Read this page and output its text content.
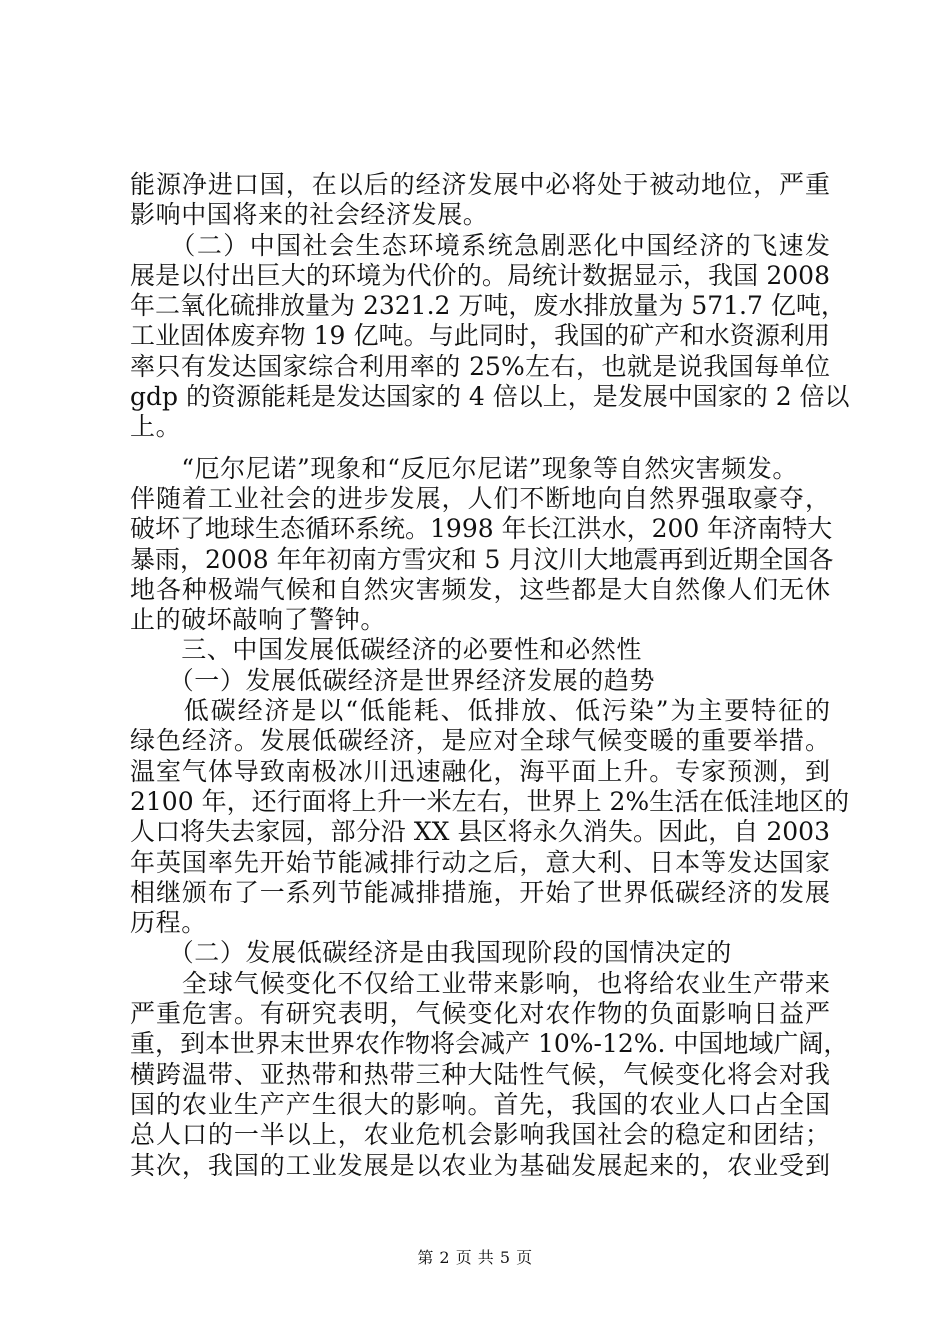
能源净进口国，在以后的经济发展中必将处于被动地位，严重
影响中国将来的社会经济发展。
　　（二）中国社会生态环境系统急剧恶化中国经济的飞速发
展是以付出巨大的环境为代价的。局统计数据显示，我国 2008
年二氧化硫排放量为 2321.2 万吨，废水排放量为 571.7 亿吨，
工业固体废弃物 19 亿吨。与此同时，我国的矿产和水资源利用
率只有发达国家综合利用率的 25%左右，也就是说我国每单位
gdp 的资源能耗是发达国家的 4 倍以上，是发展中国家的 2 倍以
上。
　　“厄尔尼诺”现象和“反厄尔尼诺”现象等自然灾害频发。
伴随着工业社会的进步发展，人们不断地向自然界强取豪夺，
破坏了地球生态循环系统。1998 年长江洪水，200 年济南特大
暴雨，2008 年年初南方雪灾和 5 月汶川大地震再到近期全国各
地各种极端气候和自然灾害频发，这些都是大自然像人们无休
止的破坏敲响了警钟。
　　三、中国发展低碳经济的必要性和必然性
　　（一）发展低碳经济是世界经济发展的趋势
　　低碳经济是以“低能耗、低排放、低污染”为主要特征的
绿色经济。发展低碳经济，是应对全球气候变暖的重要举措。
温室气体导致南极冰川迅速融化，海平面上升。专家预测，到
2100 年，还行面将上升一米左右，世界上 2%生活在低洼地区的
人口将失去家园，部分沿 XX 县区将永久消失。因此，自 2003
年英国率先开始节能减排行动之后，意大利、日本等发达国家
相继颁布了一系列节能减排措施，开始了世界低碳经济的发展
历程。
　　（二）发展低碳经济是由我国现阶段的国情决定的
　　全球气候变化不仅给工业带来影响，也将给农业生产带来
严重危害。有研究表明，气候变化对农作物的负面影响日益严
重，到本世界末世界农作物将会减产 10%-12%. 中国地域广阔，
横跨温带、亚热带和热带三种大陆性气候，气候变化将会对我
国的农业生产产生很大的影响。首先，我国的农业人口占全国
总人口的一半以上，农业危机会影响我国社会的稳定和团结；
其次，我国的工业发展是以农业为基础发展起来的，农业受到
第 2 页 共 5 页
